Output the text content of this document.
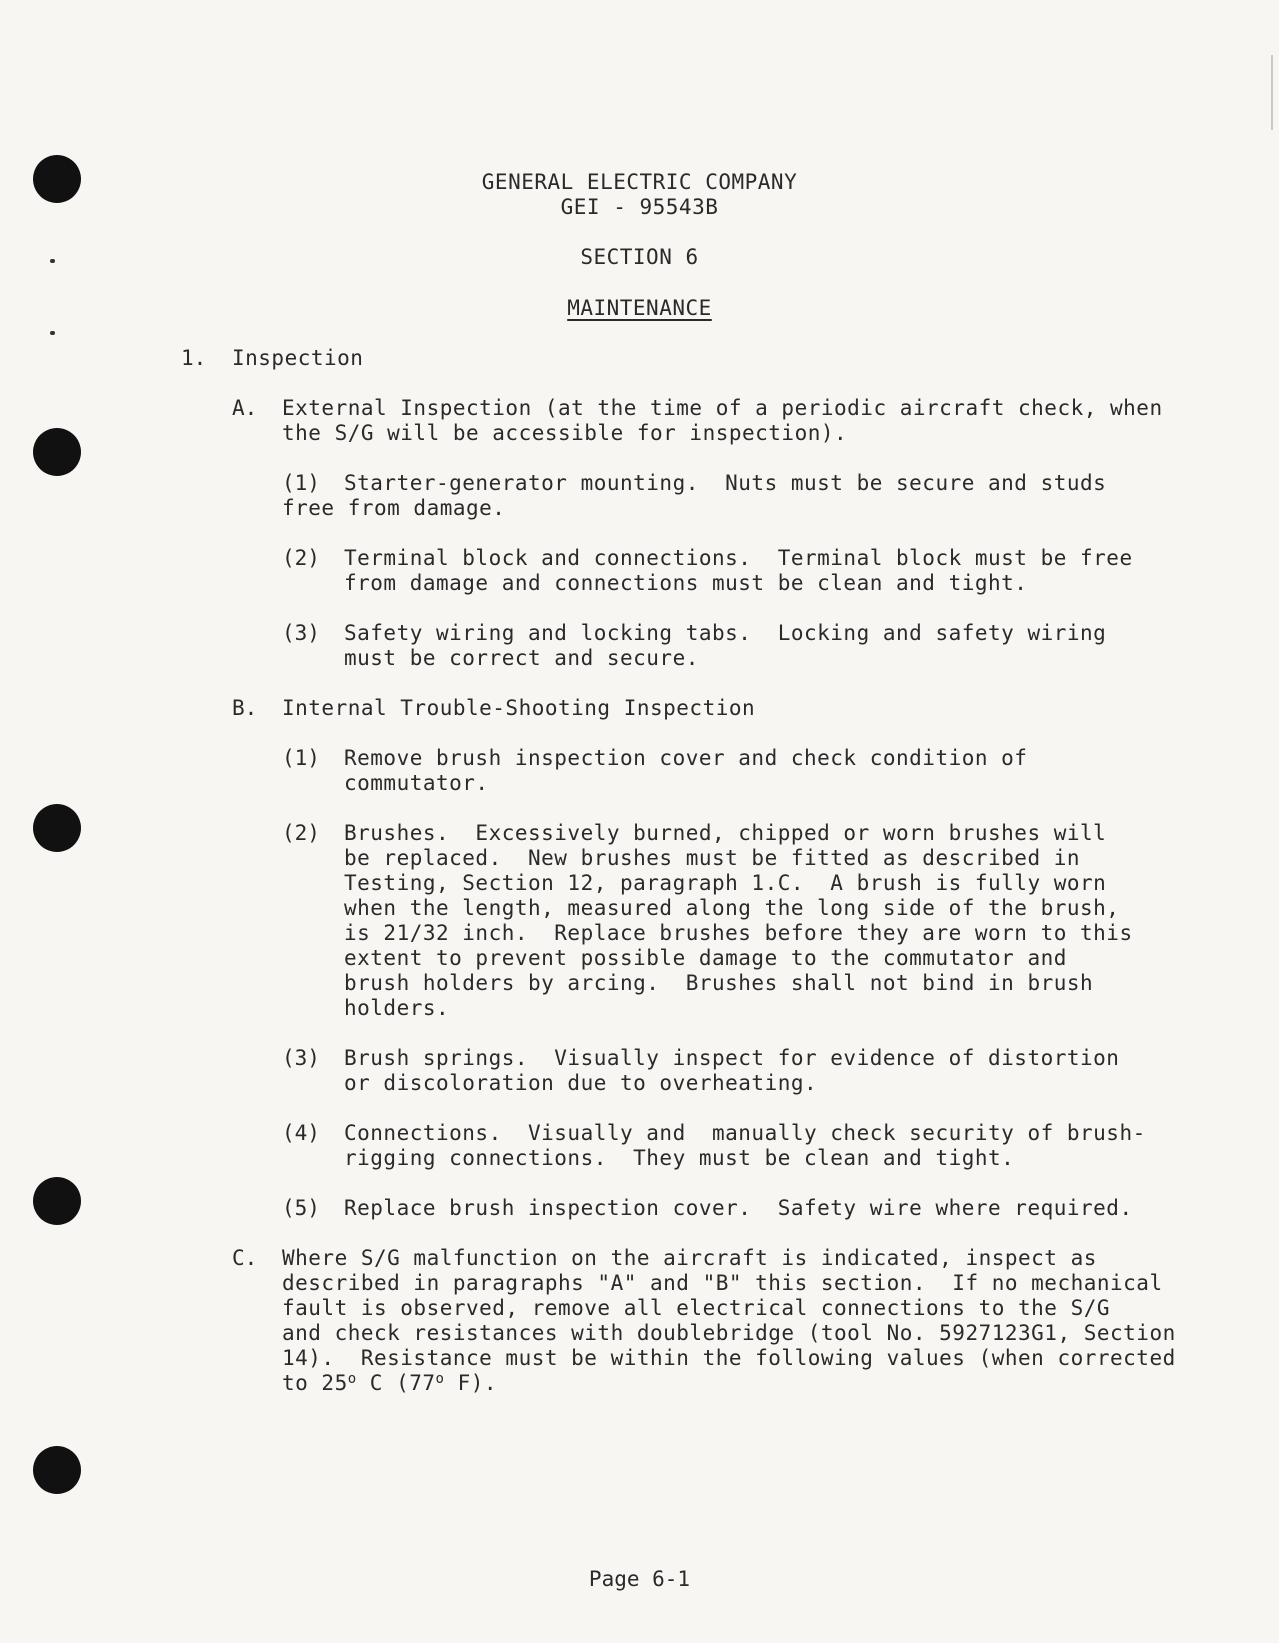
GENERAL ELECTRIC COMPANY
GEI - 95543B
SECTION 6
MAINTENANCE
1. Inspection
A. External Inspection (at the time of a periodic aircraft check, when
the S/G will be accessible for inspection).
(1) Starter-generator mounting.  Nuts must be secure and studs
free from damage.
(2) Terminal block and connections.  Terminal block must be free
from damage and connections must be clean and tight.
(3) Safety wiring and locking tabs.  Locking and safety wiring
must be correct and secure.
B. Internal Trouble-Shooting Inspection
(1) Remove brush inspection cover and check condition of
commutator.
(2) Brushes.  Excessively burned, chipped or worn brushes will
be replaced.  New brushes must be fitted as described in
Testing, Section 12, paragraph 1.C.  A brush is fully worn
when the length, measured along the long side of the brush,
is 21/32 inch.  Replace brushes before they are worn to this
extent to prevent possible damage to the commutator and
brush holders by arcing.  Brushes shall not bind in brush
holders.
(3) Brush springs.  Visually inspect for evidence of distortion
or discoloration due to overheating.
(4) Connections.  Visually and  manually check security of brush-
rigging connections.  They must be clean and tight.
(5) Replace brush inspection cover.  Safety wire where required.
C. Where S/G malfunction on the aircraft is indicated, inspect as
described in paragraphs "A" and "B" this section.  If no mechanical
fault is observed, remove all electrical connections to the S/G
and check resistances with doublebridge (tool No. 5927123G1, Section
14).  Resistance must be within the following values (when corrected
to 25$^o$ C (77$^o$ F).
Page 6-1
